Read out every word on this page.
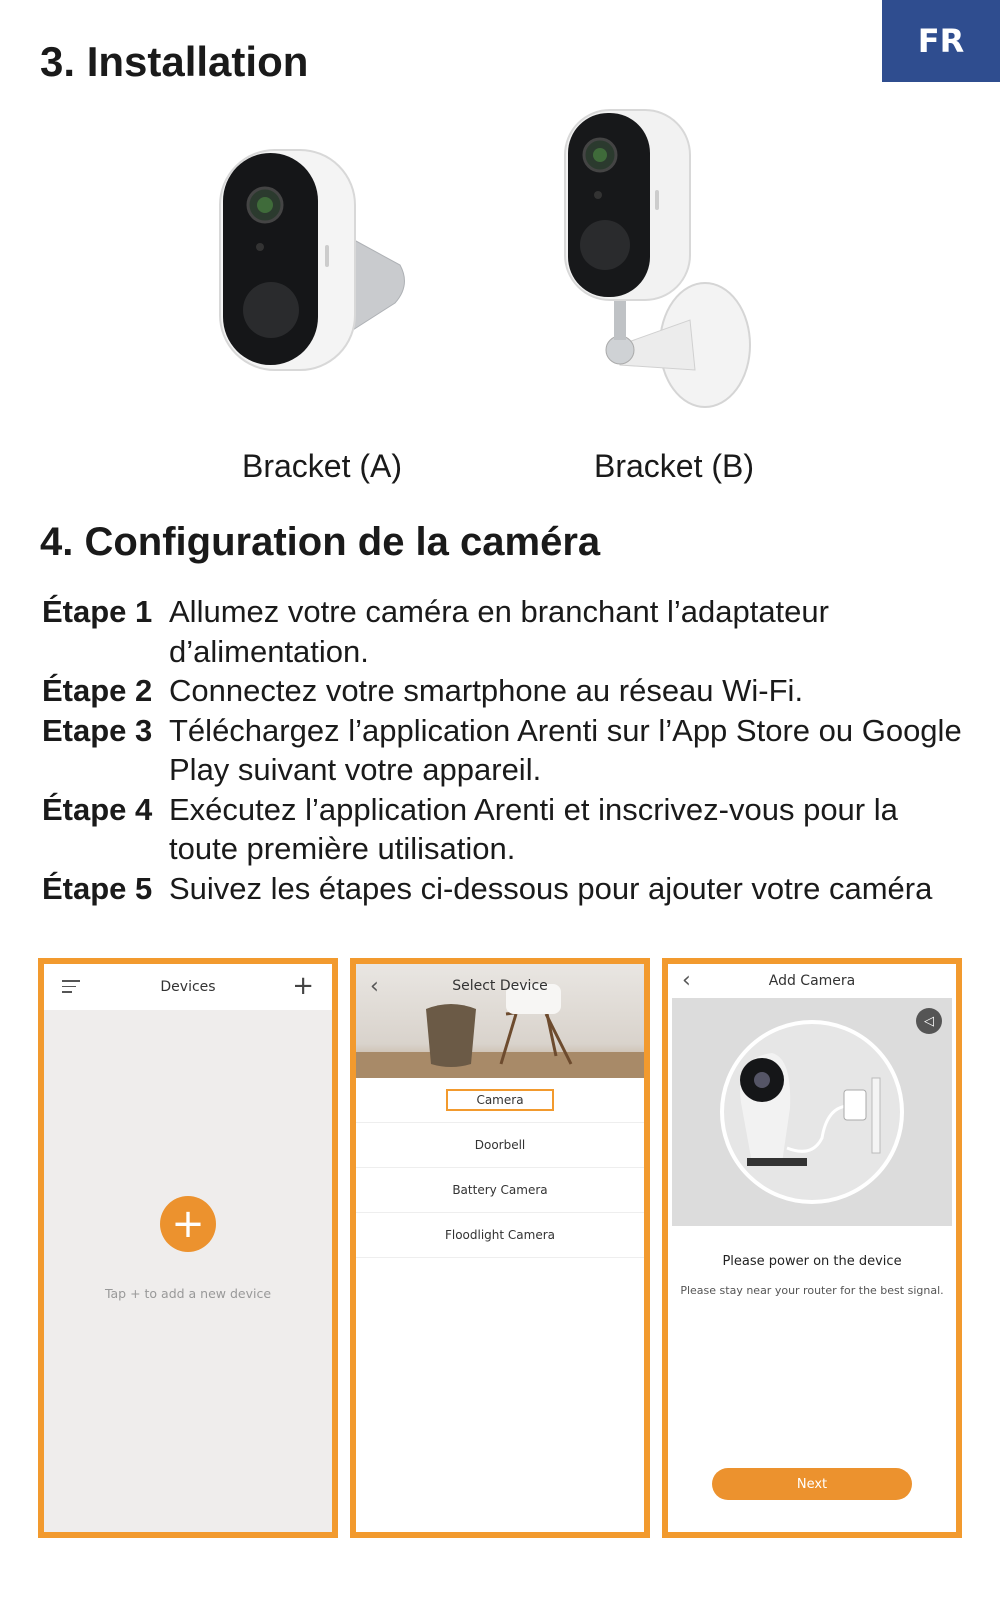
FR
3. Installation
Bracket (A)	Bracket (B)
4. Configuration de la caméra
Étape 1 Allumez votre caméra en branchant l’adaptateur d’alimentation.
Étape 2 Connectez votre smartphone au réseau Wi-Fi.
Etape 3 Téléchargez l’application Arenti sur l’App Store ou Google Play suivant votre appareil.
Étape 4 Exécutez l’application Arenti et inscrivez-vous pour la toute première utilisation.
Étape 5 Suivez les étapes ci-dessous pour ajouter votre caméra
Devices	+
+
Tap + to add a new device
‹	Select Device
Camera
Doorbell
Battery Camera
Floodlight Camera
‹	Add Camera
◁
Please power on the device
Please stay near your router for the best signal.
Next
